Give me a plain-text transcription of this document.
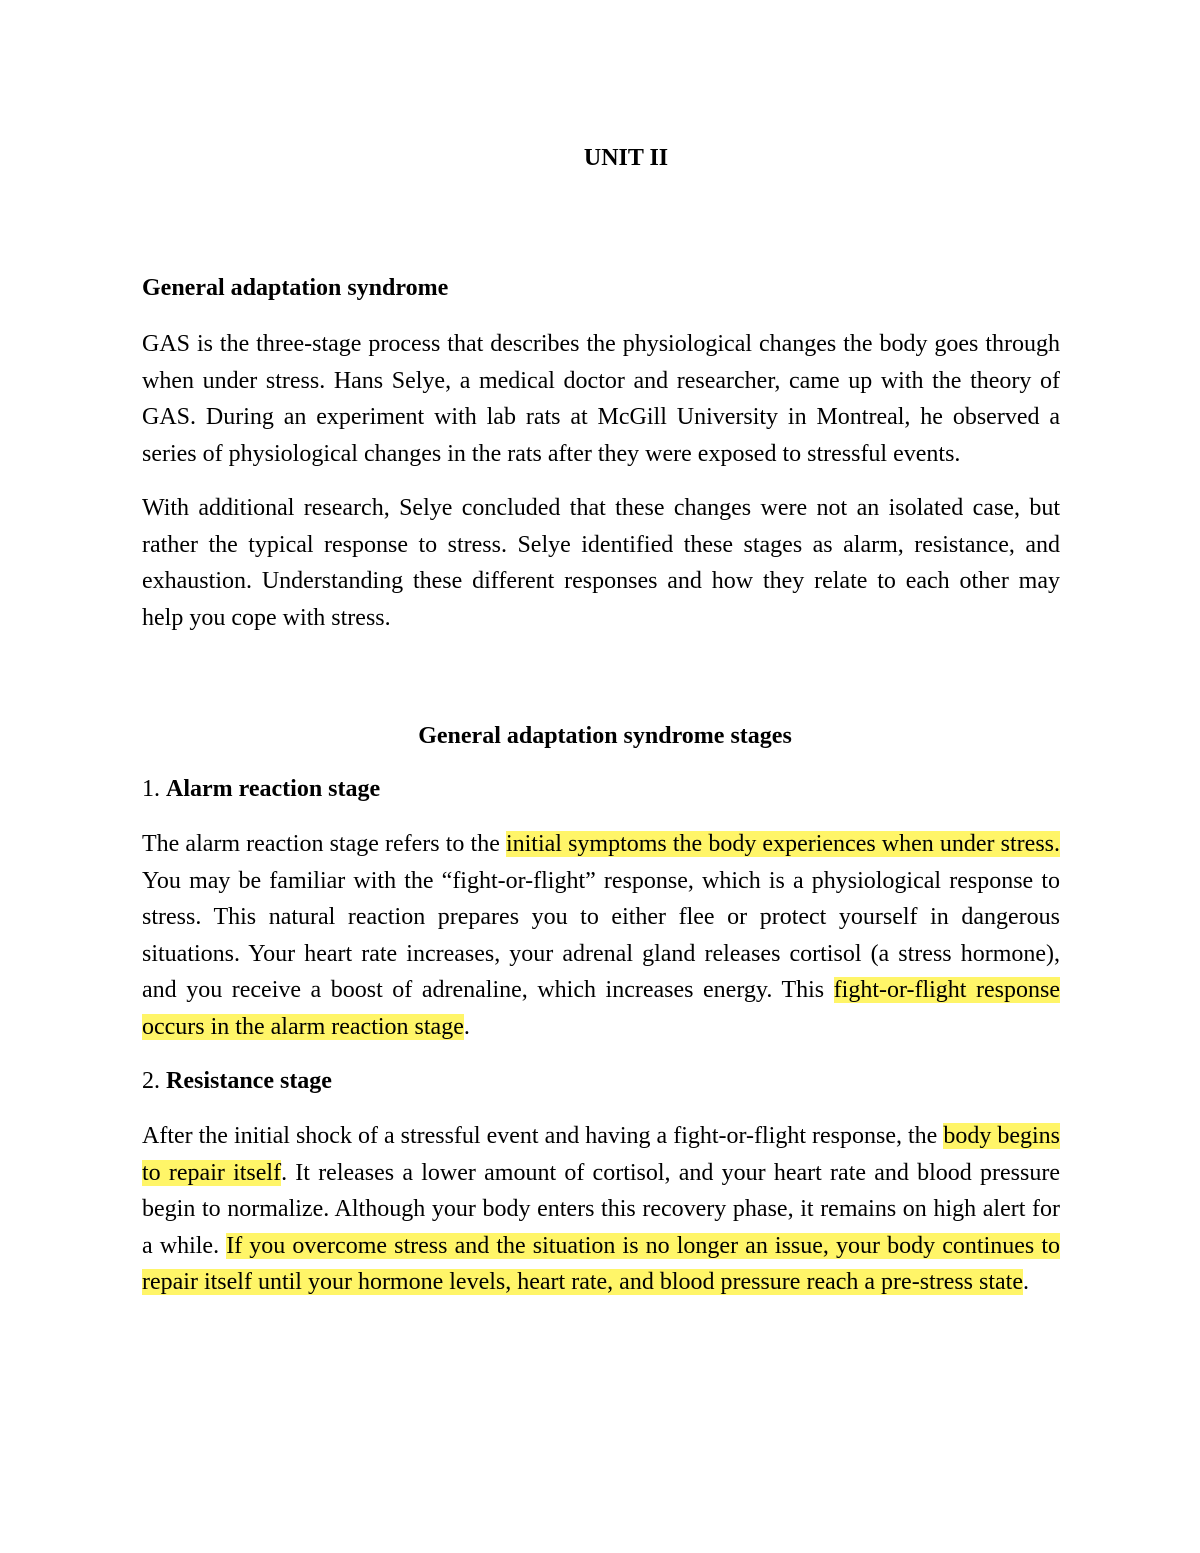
UNIT II
General adaptation syndrome

GAS is the three-stage process that describes the physiological changes the body goes through when under stress. Hans Selye, a medical doctor and researcher, came up with the theory of GAS. During an experiment with lab rats at McGill University in Montreal, he observed a series of physiological changes in the rats after they were exposed to stressful events.

With additional research, Selye concluded that these changes were not an isolated case, but rather the typical response to stress. Selye identified these stages as alarm, resistance, and exhaustion. Understanding these different responses and how they relate to each other may help you cope with stress.

General adaptation syndrome stages
1. Alarm reaction stage

The alarm reaction stage refers to the initial symptoms the body experiences when under stress. You may be familiar with the “fight-or-flight” response, which is a physiological response to stress. This natural reaction prepares you to either flee or protect yourself in dangerous situations. Your heart rate increases, your adrenal gland releases cortisol (a stress hormone), and you receive a boost of adrenaline, which increases energy. This fight-or-flight response occurs in the alarm reaction stage.

2. Resistance stage

After the initial shock of a stressful event and having a fight-or-flight response, the body begins to repair itself. It releases a lower amount of cortisol, and your heart rate and blood pressure begin to normalize. Although your body enters this recovery phase, it remains on high alert for a while. If you overcome stress and the situation is no longer an issue, your body continues to repair itself until your hormone levels, heart rate, and blood pressure reach a pre-stress state.
